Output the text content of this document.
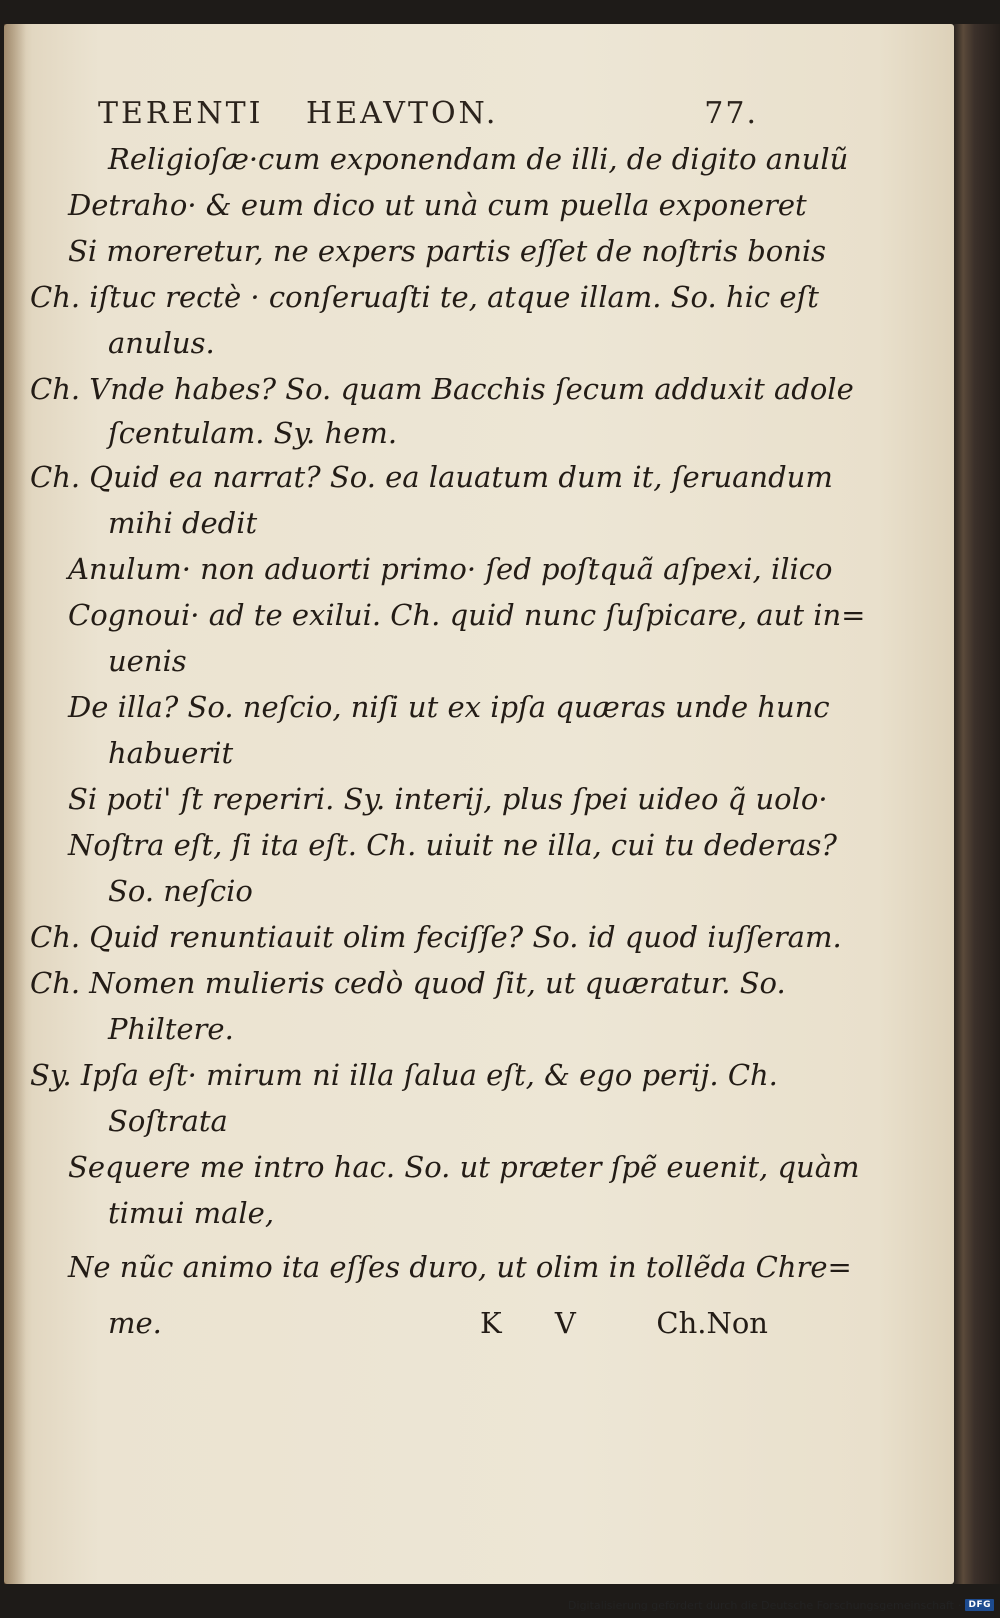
TERENTI HEAVTON.	77.
Religioſæ·cum exponendam de illi, de digito anulũ
Detraho· & eum dico ut unà cum puella exponeret
Si moreretur, ne expers partis eſſet de noſtris bonis
Ch. iſtuc rectè · conſeruaſti te, atque illam. So. hic eſt
anulus.
Ch. Vnde habes? So. quam Bacchis ſecum adduxit adole
ſcentulam. Sy. hem.
Ch. Quid ea narrat? So. ea lauatum dum it, ſeruandum
mihi dedit
Anulum· non aduorti primo· ſed poſtquã aſpexi, ilico
Cognoui· ad te exilui. Ch. quid nunc ſuſpicare, aut in=
uenis
De illa? So. neſcio, niſi ut ex ipſa quæras unde hunc
habuerit
Si poti' ſt reperiri. Sy. interij, plus ſpei uideo q̃ uolo·
Noſtra eſt, ſi ita eſt. Ch. uiuit ne illa, cui tu dederas?
So. neſcio
Ch. Quid renuntiauit olim feciſſe? So. id quod iuſſeram.
Ch. Nomen mulieris cedò quod ſit, ut quæratur. So.
Philtere.
Sy. Ipſa eſt· mirum ni illa ſalua eſt, & ego perij. Ch.
Soſtrata
Sequere me intro hac. So. ut præter ſpẽ euenit, quàm
timui male,
Ne nũc animo ita eſſes duro, ut olim in tollẽda Chre=
me.	K V Ch.Non
Digitalisierung gefördert durch die Deutsche Forschungsgemeinschaft · DFG
